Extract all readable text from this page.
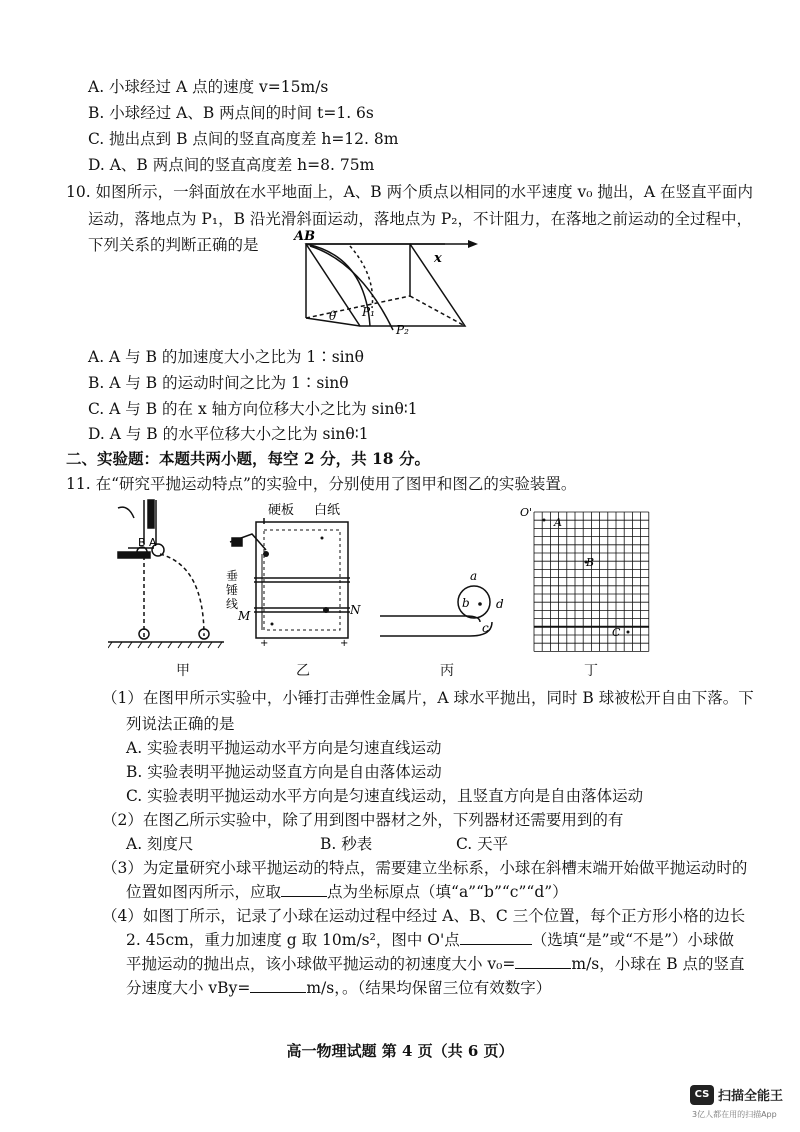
A. 小球经过 A 点的速度 v=15m/s
B. 小球经过 A、B 两点间的时间 t=1. 6s
C. 抛出点到 B 点间的竖直高度差 h=12. 8m
D. A、B 两点间的竖直高度差 h=8. 75m
10. 如图所示，一斜面放在水平地面上，A、B 两个质点以相同的水平速度 v₀ 抛出，A 在竖直平面内
运动，落地点为 P₁，B 沿光滑斜面运动，落地点为 P₂，不计阻力，在落地之前运动的全过程中，
下列关系的判断正确的是	AB
x
θ P₁
P₂
A. A 与 B 的加速度大小之比为 1∶sinθ
B. A 与 B 的运动时间之比为 1∶sinθ
C. A 与 B 的在 x 轴方向位移大小之比为 sinθ∶1
D. A 与 B 的水平位移大小之比为 sinθ∶1
二、实验题：本题共两小题，每空 2 分，共 18 分。
11. 在“研究平抛运动特点”的实验中，分别使用了图甲和图乙的实验装置。
B A
甲
+	+
硬板 白纸
垂
锤
线
M	N
乙
a
b
c
d
丙
O'
A
B
C
丁
（1）在图甲所示实验中，小锤打击弹性金属片，A 球水平抛出，同时 B 球被松开自由下落。下
列说法正确的是
A. 实验表明平抛运动水平方向是匀速直线运动
B. 实验表明平抛运动竖直方向是自由落体运动
C. 实验表明平抛运动水平方向是匀速直线运动，且竖直方向是自由落体运动
（2）在图乙所示实验中，除了用到图中器材之外，下列器材还需要用到的有
A. 刻度尺	B. 秒表	C. 天平
（3）为定量研究小球平抛运动的特点，需要建立坐标系，小球在斜槽末端开始做平抛运动时的
位置如图丙所示，应取	点为坐标原点（填“a”“b”“c”“d”）
（4）如图丁所示，记录了小球在运动过程中经过 A、B、C 三个位置，每个正方形小格的边长
2. 45cm，重力加速度 g 取 10m/s²，图中 O'点	（选填“是”或“不是”）小球做
平抛运动的抛出点，该小球做平抛运动的初速度大小 v₀=	m/s，小球在 B 点的竖直
分速度大小 vBy=	m/s，。（结果均保留三位有效数字）
高一物理试题 第 4 页（共 6 页）
CS 扫描全能王
3亿人都在用的扫描App
